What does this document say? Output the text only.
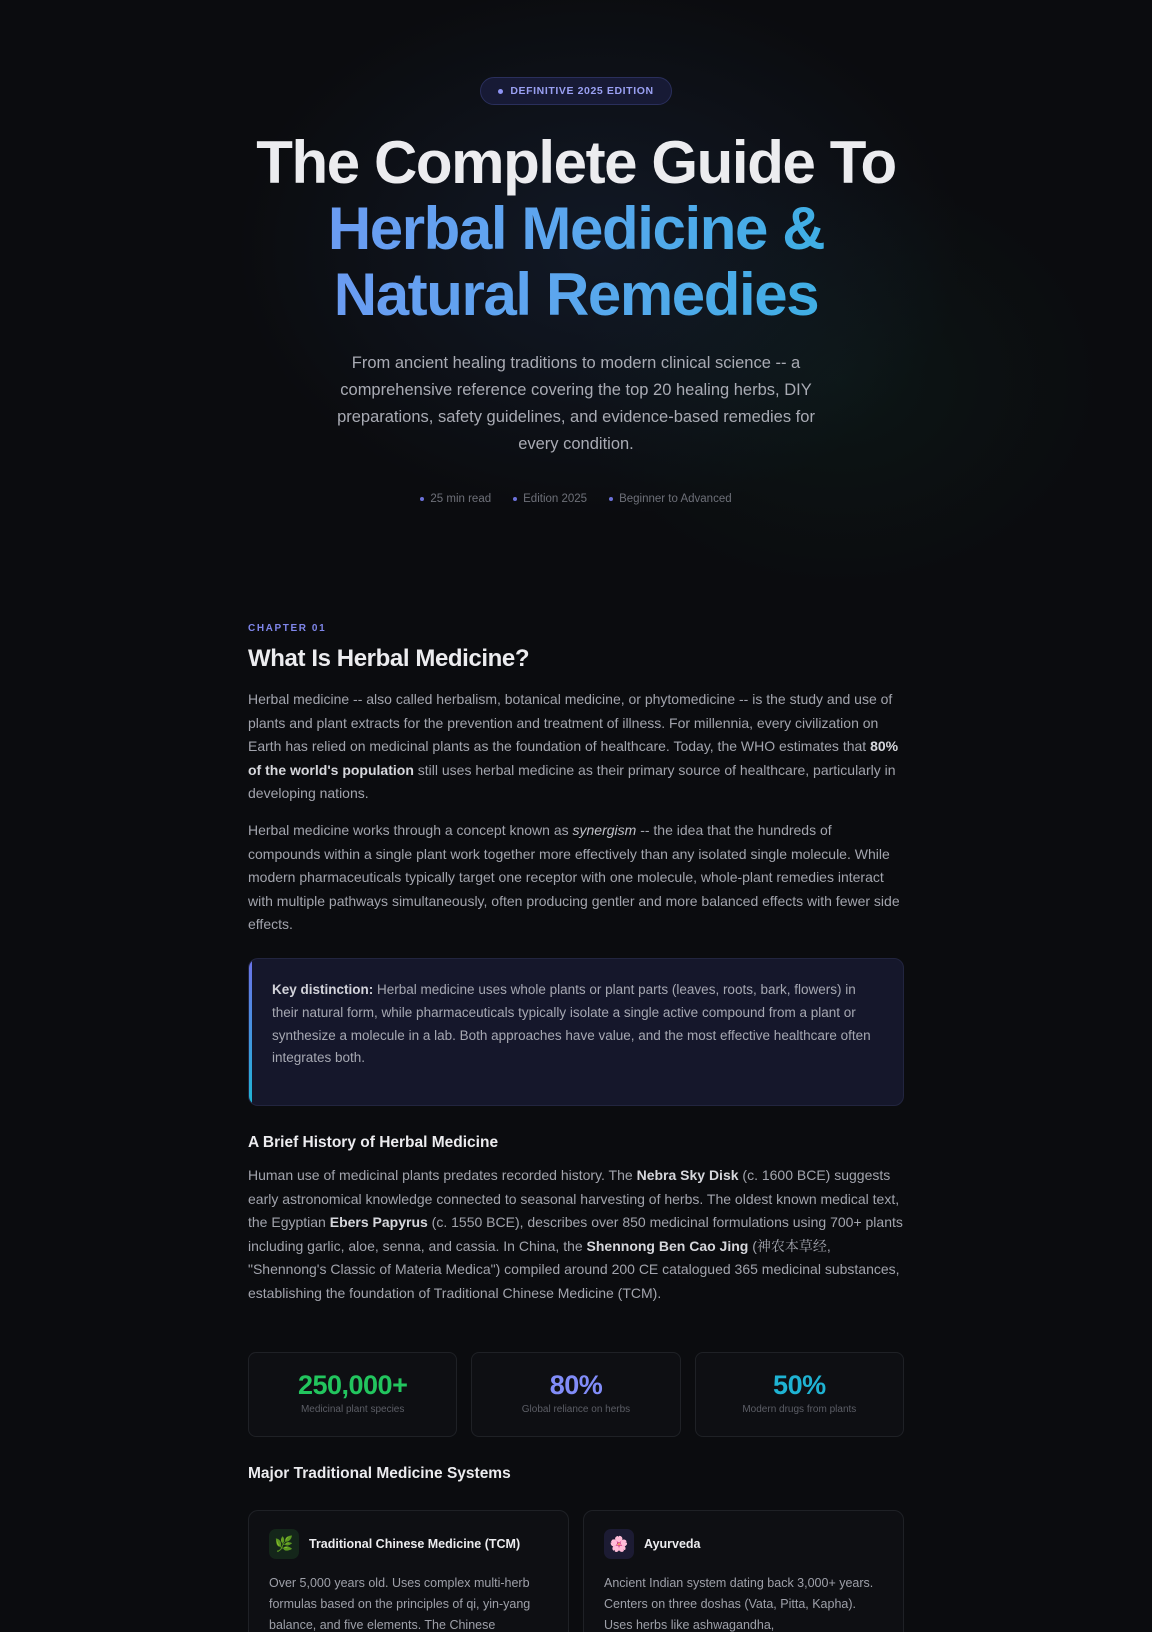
DEFINITIVE 2025 EDITION
The Complete Guide To
Herbal Medicine &
Natural Remedies

From ancient healing traditions to modern clinical science -- a comprehensive reference covering the top 20 healing herbs, DIY preparations, safety guidelines, and evidence-based remedies for every condition.

25 min read	Edition 2025	Beginner to Advanced
CHAPTER 01
What Is Herbal Medicine?

Herbal medicine -- also called herbalism, botanical medicine, or phytomedicine -- is the study and use of plants and plant extracts for the prevention and treatment of illness. For millennia, every civilization on Earth has relied on medicinal plants as the foundation of healthcare. Today, the WHO estimates that 80% of the world's population still uses herbal medicine as their primary source of healthcare, particularly in developing nations.

Herbal medicine works through a concept known as synergism -- the idea that the hundreds of compounds within a single plant work together more effectively than any isolated single molecule. While modern pharmaceuticals typically target one receptor with one molecule, whole-plant remedies interact with multiple pathways simultaneously, often producing gentler and more balanced effects with fewer side effects.

Key distinction: Herbal medicine uses whole plants or plant parts (leaves, roots, bark, flowers) in their natural form, while pharmaceuticals typically isolate a single active compound from a plant or synthesize a molecule in a lab. Both approaches have value, and the most effective healthcare often integrates both.

A Brief History of Herbal Medicine

Human use of medicinal plants predates recorded history. The Nebra Sky Disk (c. 1600 BCE) suggests early astronomical knowledge connected to seasonal harvesting of herbs. The oldest known medical text, the Egyptian Ebers Papyrus (c. 1550 BCE), describes over 850 medicinal formulations using 700+ plants including garlic, aloe, senna, and cassia. In China, the Shennong Ben Cao Jing (神农本草经, "Shennong's Classic of Materia Medica") compiled around 200 CE catalogued 365 medicinal substances, establishing the foundation of Traditional Chinese Medicine (TCM).

250,000+
Medicinal plant species
80%
Global reliance on herbs
50%
Modern drugs from plants
Major Traditional Medicine Systems
🌿	Traditional Chinese Medicine (TCM)

Over 5,000 years old. Uses complex multi-herb formulas based on the principles of qi, yin-yang balance, and five elements. The Chinese

🌸	Ayurveda

Ancient Indian system dating back 3,000+ years. Centers on three doshas (Vata, Pitta, Kapha). Uses herbs like ashwagandha,
